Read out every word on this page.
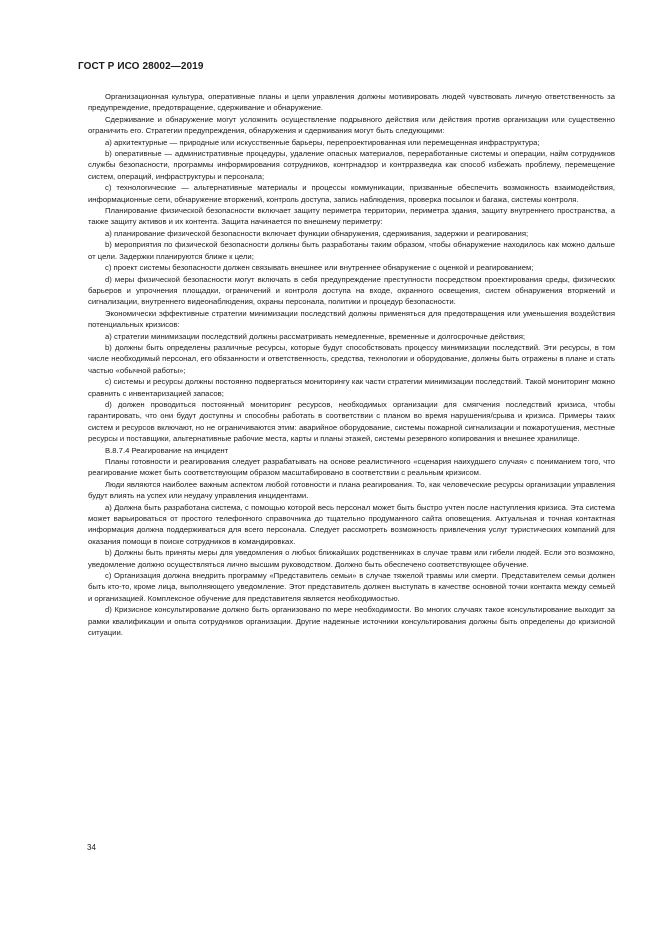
ГОСТ Р ИСО 28002—2019

Организационная культура, оперативные планы и цели управления должны мотивировать людей чувствовать личную ответственность за предупреждение, предотвращение, сдерживание и обнаружение.

Сдерживание и обнаружение могут усложнить осуществление подрывного действия или действия против организации или существенно ограничить его. Стратегии предупреждения, обнаружения и сдерживания могут быть следующими:

a) архитектурные — природные или искусственные барьеры, перепроектированная или перемещенная инфраструктура;

b) оперативные — административные процедуры, удаление опасных материалов, переработанные системы и операции, найм сотрудников службы безопасности, программы информирования сотрудников, контрнадзор и контрразведка как способ избежать проблему, перемещение систем, операций, инфраструктуры и персонала;

c) технологические — альтернативные материалы и процессы коммуникации, призванные обеспечить возможность взаимодействия, информационные сети, обнаружение вторжений, контроль доступа, запись наблюдения, проверка посылок и багажа, системы контроля.

Планирование физической безопасности включает защиту периметра территории, периметра здания, защиту внутреннего пространства, а также защиту активов и их контента. Защита начинается по внешнему периметру:

a) планирование физической безопасности включает функции обнаружения, сдерживания, задержки и реагирования;

b) мероприятия по физической безопасности должны быть разработаны таким образом, чтобы обнаружение находилось как можно дальше от цели. Задержки планируются ближе к цели;

c) проект системы безопасности должен связывать внешнее или внутреннее обнаружение с оценкой и реагированием;

d) меры физической безопасности могут включать в себя предупреждение преступности посредством проектирования среды, физических барьеров и упрочнения площадки, ограничений и контроля доступа на входе, охранного освещения, систем обнаружения вторжений и сигнализации, внутреннего видеонаблюдения, охраны персонала, политики и процедур безопасности.

Экономически эффективные стратегии минимизации последствий должны применяться для предотвращения или уменьшения воздействия потенциальных кризисов:

a) стратегии минимизации последствий должны рассматривать немедленные, временные и долгосрочные действия;

b) должны быть определены различные ресурсы, которые будут способствовать процессу минимизации последствий. Эти ресурсы, в том числе необходимый персонал, его обязанности и ответственность, средства, технологии и оборудование, должны быть отражены в плане и стать частью «обычной работы»;

c) системы и ресурсы должны постоянно подвергаться мониторингу как части стратегии минимизации последствий. Такой мониторинг можно сравнить с инвентаризацией запасов;

d) должен проводиться постоянный мониторинг ресурсов, необходимых организации для смягчения последствий кризиса, чтобы гарантировать, что они будут доступны и способны работать в соответствии с планом во время нарушения/срыва и кризиса. Примеры таких систем и ресурсов включают, но не ограничиваются этим: аварийное оборудование, системы пожарной сигнализации и пожаротушения, местные ресурсы и поставщики, альтернативные рабочие места, карты и планы этажей, системы резервного копирования и внешнее хранилище.

В.8.7.4 Реагирование на инцидент

Планы готовности и реагирования следует разрабатывать на основе реалистичного «сценария наихудшего случая» с пониманием того, что реагирование может быть соответствующим образом масштабировано в соответствии с реальным кризисом.

Люди являются наиболее важным аспектом любой готовности и плана реагирования. То, как человеческие ресурсы организации управления будут влиять на успех или неудачу управления инцидентами.

a) Должна быть разработана система, с помощью которой весь персонал может быть быстро учтен после наступления кризиса. Эта система может варьироваться от простого телефонного справочника до тщательно продуманного сайта оповещения. Актуальная и точная контактная информация должна поддерживаться для всего персонала. Следует рассмотреть возможность привлечения услуг туристических компаний для оказания помощи в поиске сотрудников в командировках.

b) Должны быть приняты меры для уведомления о любых ближайших родственниках в случае травм или гибели людей. Если это возможно, уведомление должно осуществляться лично высшим руководством. Должно быть обеспечено соответствующее обучение.

c) Организация должна внедрить программу «Представитель семьи» в случае тяжелой травмы или смерти. Представителем семьи должен быть кто-то, кроме лица, выполняющего уведомление. Этот представитель должен выступать в качестве основной точки контакта между семьей и организацией. Комплексное обучение для представителя является необходимостью.

d) Кризисное консультирование должно быть организовано по мере необходимости. Во многих случаях такое консультирование выходит за рамки квалификации и опыта сотрудников организации. Другие надежные источники консультирования должны быть определены до кризисной ситуации.

34
